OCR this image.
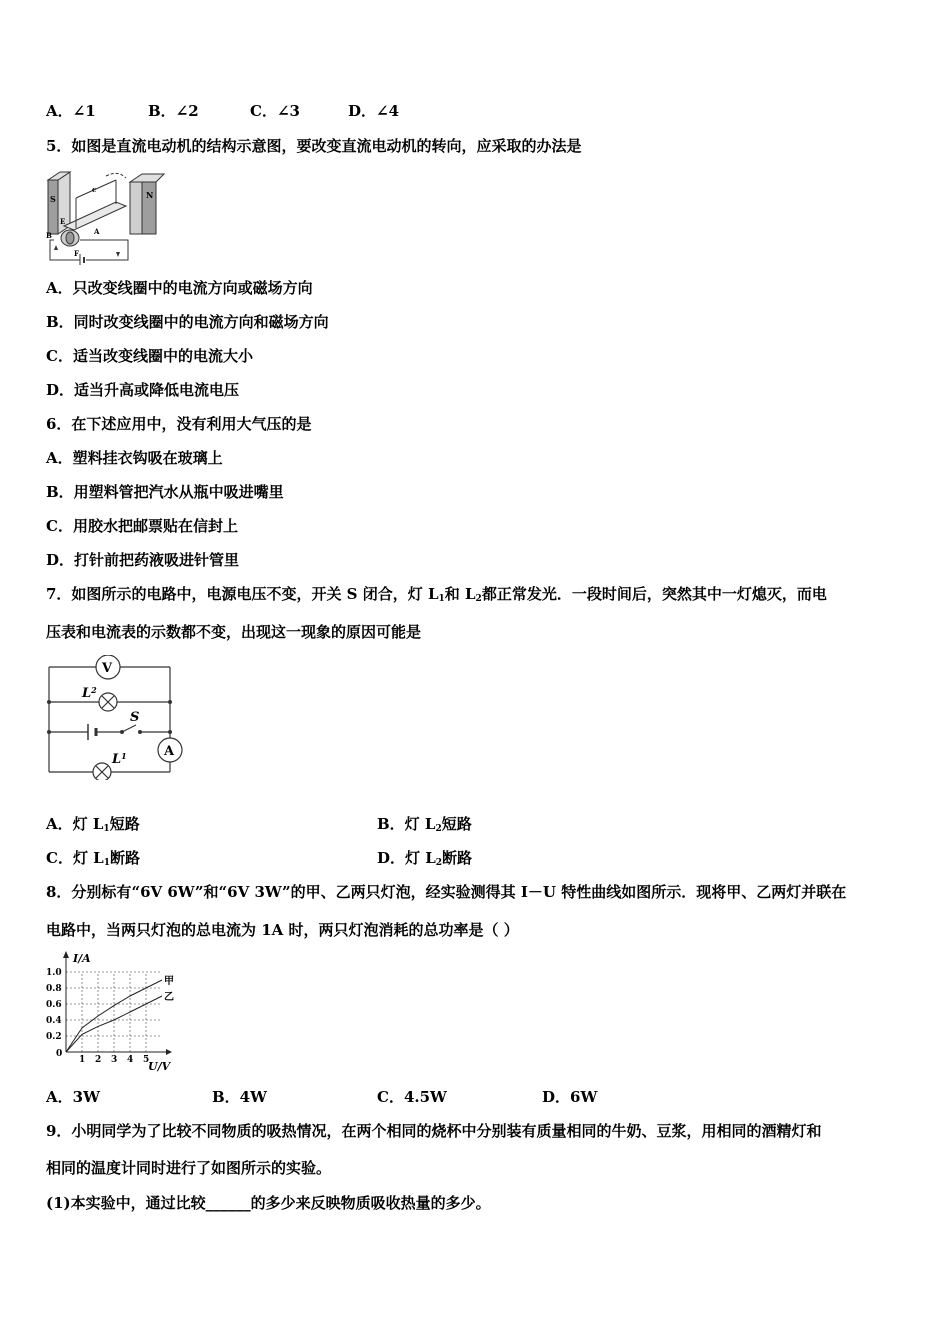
A．∠1	B．∠2	C．∠3	D．∠4
5．如图是直流电动机的结构示意图，要改变直流电动机的转向，应采取的办法是
S	N
c
E
A
B
F
A．只改变线圈中的电流方向或磁场方向
B．同时改变线圈中的电流方向和磁场方向
C．适当改变线圈中的电流大小
D．适当升高或降低电流电压
6．在下述应用中，没有利用大气压的是
A．塑料挂衣钩吸在玻璃上
B．用塑料管把汽水从瓶中吸进嘴里
C．用胶水把邮票贴在信封上
D．打针前把药液吸进针管里
7．如图所示的电路中，电源电压不变，开关 S 闭合，灯 $L_1$和 $L_2$都正常发光．一段时间后，突然其中一灯熄灭，而电
压表和电流表的示数都不变，出现这一现象的原因可能是
V
A
$L^2$
$L^1$
S
A．灯 $L_1$短路	B．灯 $L_2$短路
C．灯 $L_1$断路	D．灯 $L_2$断路
8．分别标有“6V 6W”和“6V 3W”的甲、乙两只灯泡，经实验测得其 I－U 特性曲线如图所示．现将甲、乙两灯并联在
电路中，当两只灯泡的总电流为 1A 时，两只灯泡消耗的总功率是（ ）
I/A
U/V
0
1 2 3 4 5
0.2
0.4
0.6
0.8
1.0
甲
乙
A．3W	B．4W	C．4.5W	D．6W
9．小明同学为了比较不同物质的吸热情况，在两个相同的烧杯中分别装有质量相同的牛奶、豆浆，用相同的酒精灯和
相同的温度计同时进行了如图所示的实验。
(1)本实验中，通过比较______的多少来反映物质吸收热量的多少。
